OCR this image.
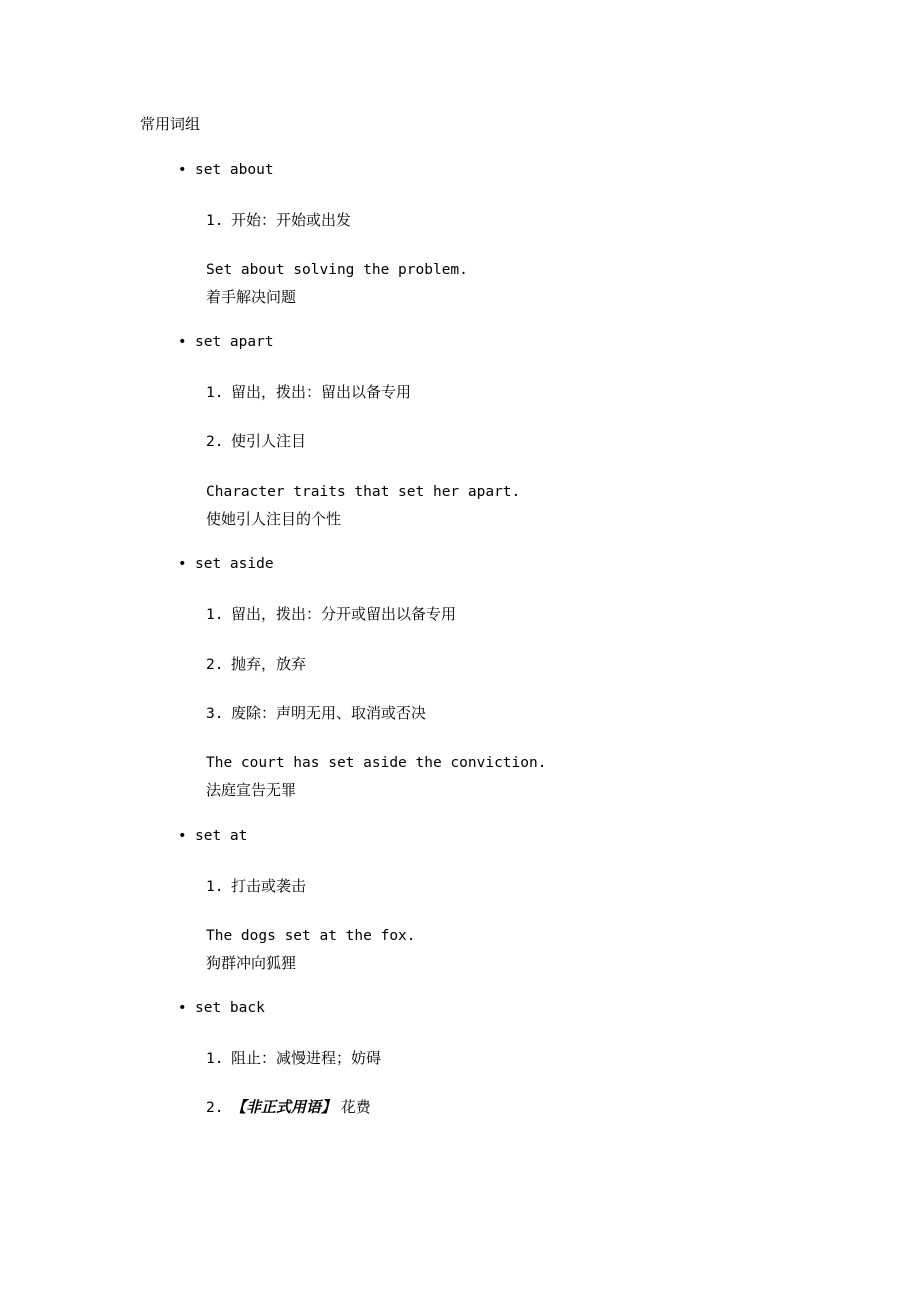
常用词组
• set about
1. 开始：开始或出发
Set about solving the problem.
着手解决问题
• set apart
1. 留出，拨出：留出以备专用
2. 使引人注目
Character traits that set her apart.
使她引人注目的个性
• set aside
1. 留出，拨出：分开或留出以备专用
2. 抛弃，放弃
3. 废除：声明无用、取消或否决
The court has set aside the conviction.
法庭宣告无罪
• set at
1. 打击或袭击
The dogs set at the fox.
狗群冲向狐狸
• set back
1. 阻止：减慢进程；妨碍
2. 【非正式用语】 花费
